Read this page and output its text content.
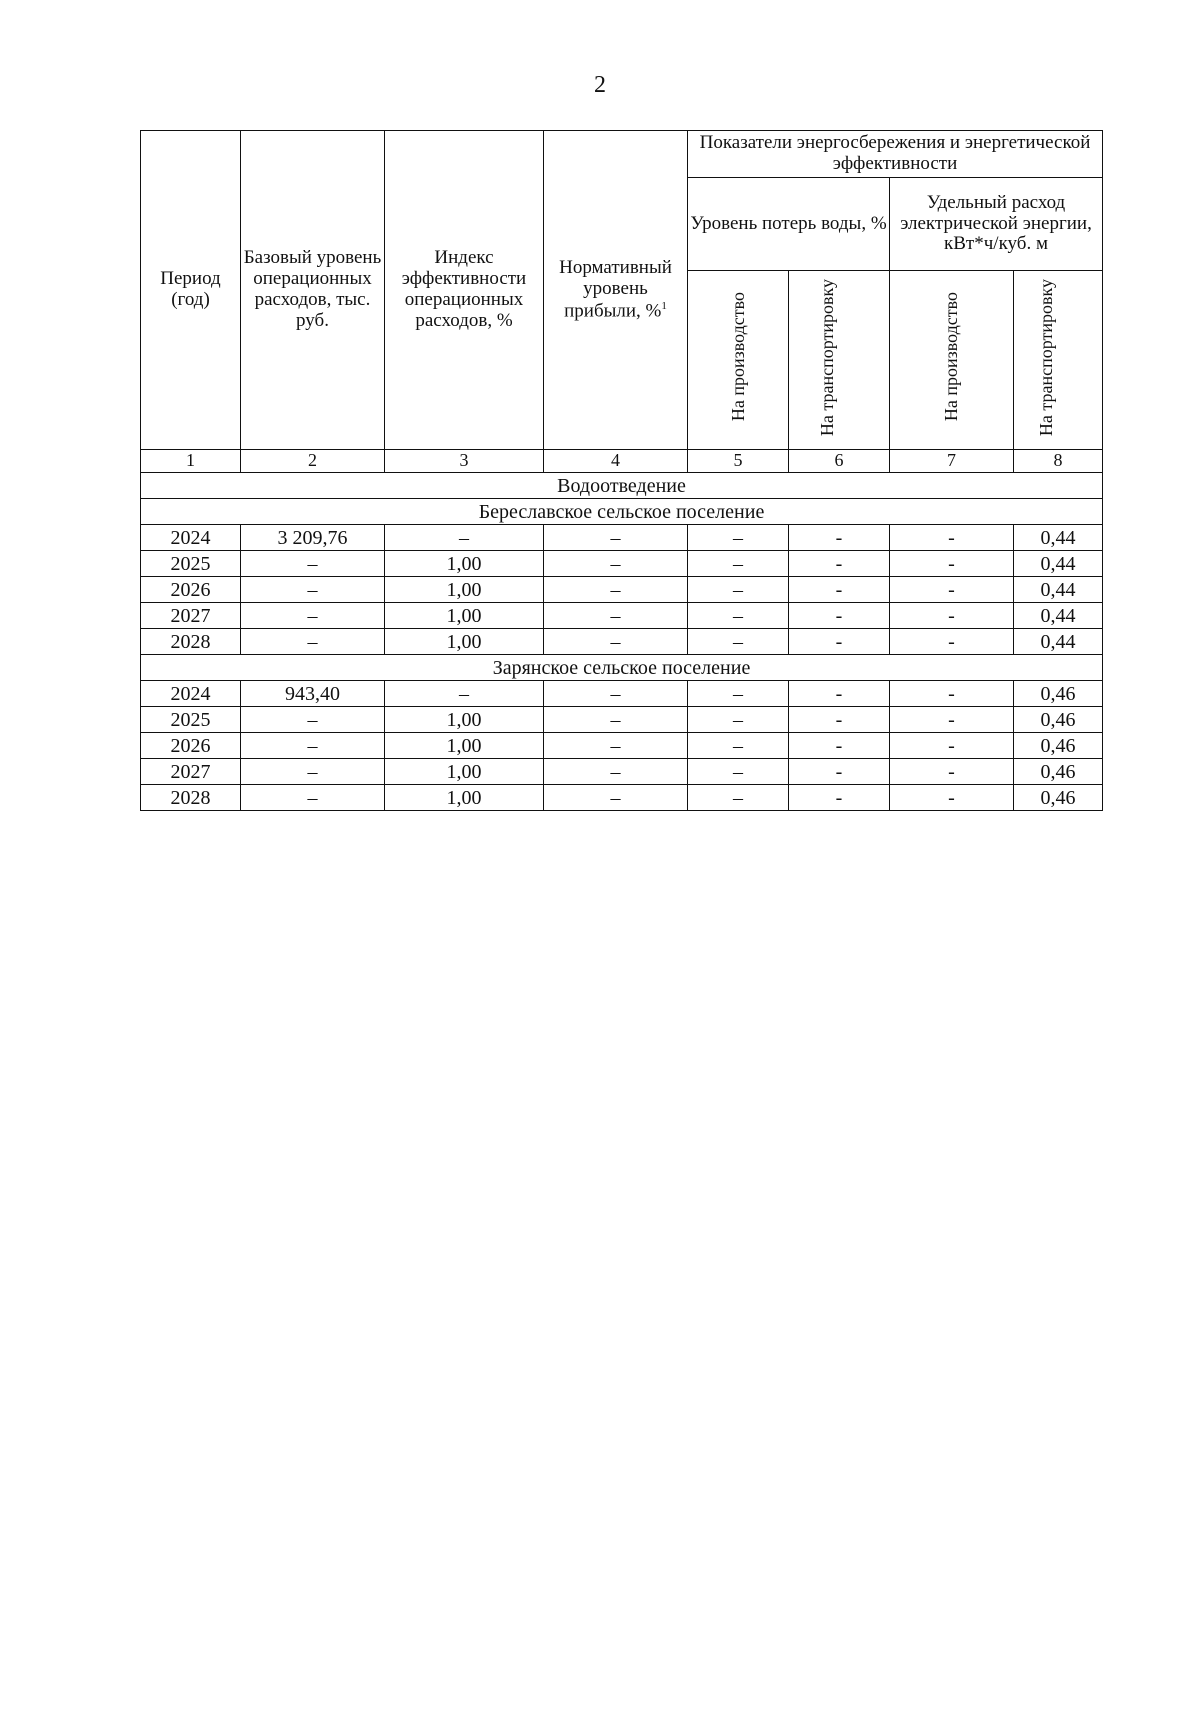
2
Период (год)	Базовый уровень операционных расходов, тыс. руб.	Индекс эффективности операционных расходов, %	Нормативный уровень прибыли, %$^1$	Показатели энергосбережения и энергетической эффективности			
				Уровень потерь воды, %		Удельный расход электрической энергии, кВт*ч/куб. м	
				На производство	На транспортировку	На производство	На транспортировку
1	2	3	4	5	6	7	8
Водоотведение							
Береславское сельское поселение							
2024	3 209,76	–	–	–	-	-	0,44
2025	–	1,00	–	–	-	-	0,44
2026	–	1,00	–	–	-	-	0,44
2027	–	1,00	–	–	-	-	0,44
2028	–	1,00	–	–	-	-	0,44
Зарянское сельское поселение							
2024	943,40	–	–	–	-	-	0,46
2025	–	1,00	–	–	-	-	0,46
2026	–	1,00	–	–	-	-	0,46
2027	–	1,00	–	–	-	-	0,46
2028	–	1,00	–	–	-	-	0,46
